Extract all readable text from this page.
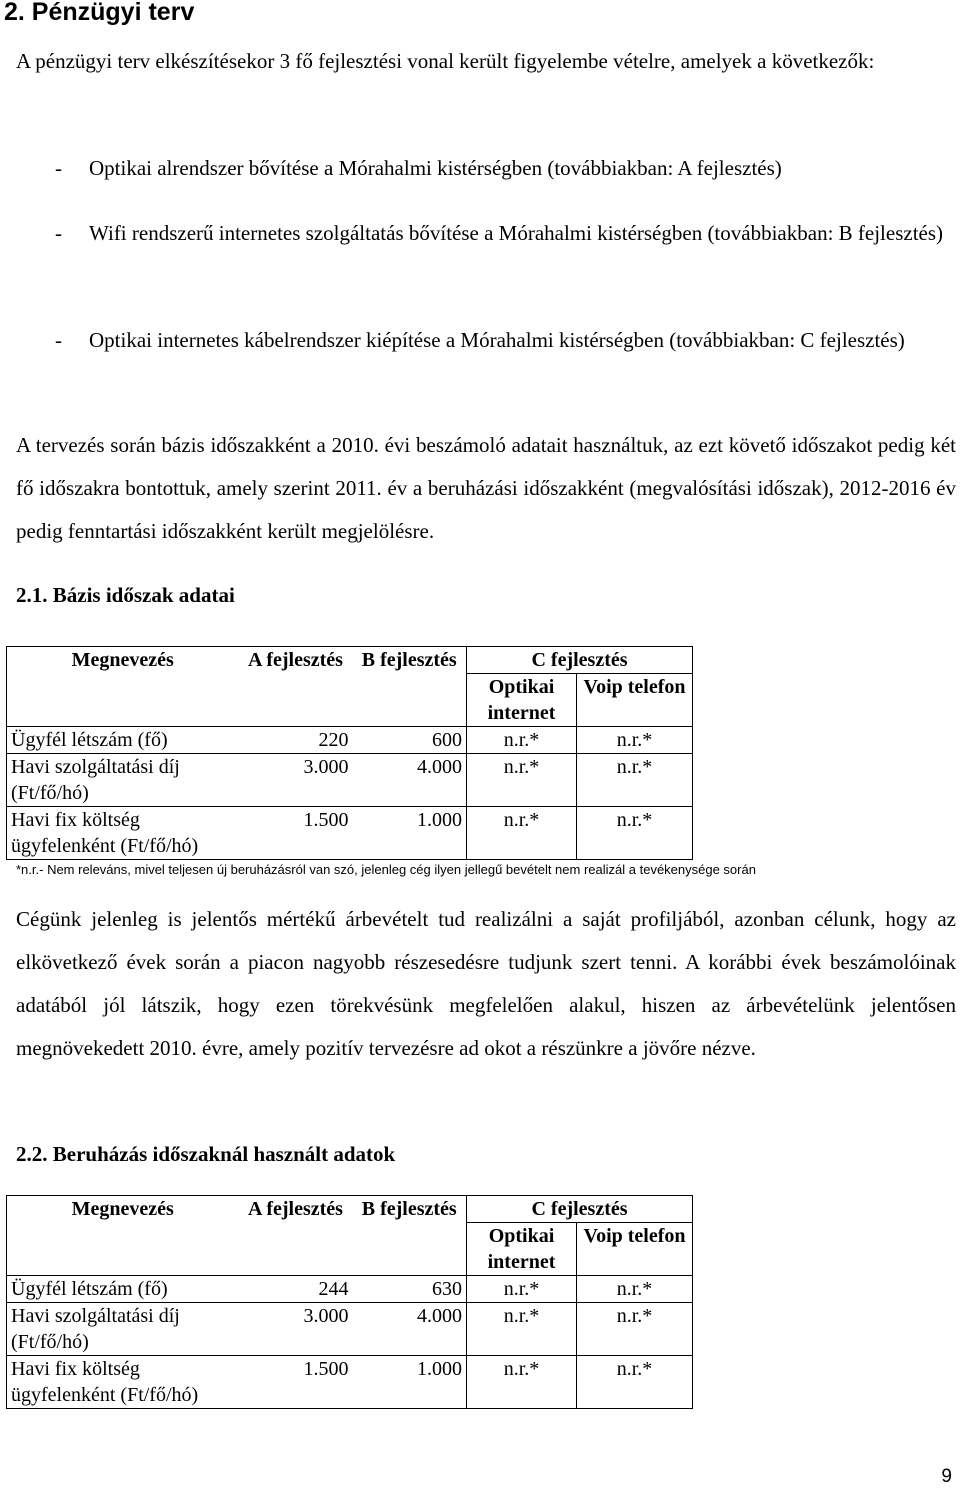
2. Pénzügyi terv

A pénzügyi terv elkészítésekor 3 fő fejlesztési vonal került figyelembe vételre, amelyek a következők:

- Optikai alrendszer bővítése a Mórahalmi kistérségben (továbbiakban: A fejlesztés)
- Wifi rendszerű internetes szolgáltatás bővítése a Mórahalmi kistérségben (továbbiakban: B fejlesztés)
- Optikai internetes kábelrendszer kiépítése a Mórahalmi kistérségben (továbbiakban: C fejlesztés)

A tervezés során bázis időszakként a 2010. évi beszámoló adatait használtuk, az ezt követő időszakot pedig két fő időszakra bontottuk, amely szerint 2011. év a beruházási időszakként (megvalósítási időszak), 2012-2016 év pedig fenntartási időszakként került megjelölésre.

2.1. Bázis időszak adatai
Megnevezés	A fejlesztés	B fejlesztés	C fejlesztés	
			Optikai internet	Voip telefon

Ügyfél létszám (fő)	220	600	n.r.*	n.r.*
Havi szolgáltatási díj (Ft/fő/hó)	3.000	4.000	n.r.*	n.r.*
Havi fix költség ügyfelenként (Ft/fő/hó)	1.500	1.000	n.r.*	n.r.*
*n.r.- Nem releváns, mivel teljesen új beruházásról van szó, jelenleg cég ilyen jellegű bevételt nem realizál a tevékenysége során

Cégünk jelenleg is jelentős mértékű árbevételt tud realizálni a saját profiljából, azonban célunk, hogy az elkövetkező évek során a piacon nagyobb részesedésre tudjunk szert tenni. A korábbi évek beszámolóinak adatából jól látszik, hogy ezen törekvésünk megfelelően alakul, hiszen az árbevételünk jelentősen megnövekedett 2010. évre, amely pozitív tervezésre ad okot a részünkre a jövőre nézve.

2.2. Beruházás időszaknál használt adatok
Megnevezés	A fejlesztés	B fejlesztés	C fejlesztés	
			Optikai internet	Voip telefon

Ügyfél létszám (fő)	244	630	n.r.*	n.r.*
Havi szolgáltatási díj (Ft/fő/hó)	3.000	4.000	n.r.*	n.r.*
Havi fix költség ügyfelenként (Ft/fő/hó)	1.500	1.000	n.r.*	n.r.*
9
